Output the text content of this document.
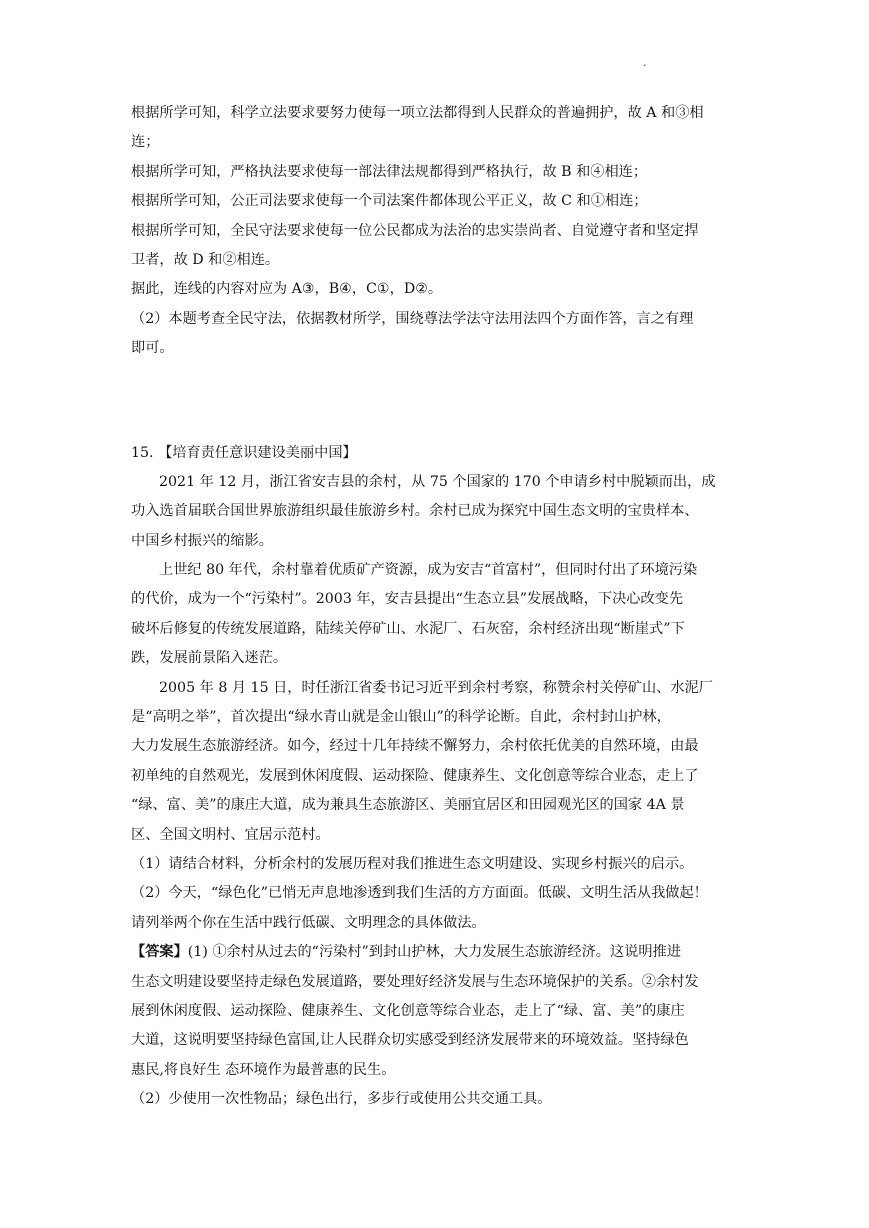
.
根据所学可知，科学立法要求要努力使每一项立法都得到人民群众的普遍拥护，故 A 和③相
连；
根据所学可知，严格执法要求使每一部法律法规都得到严格执行，故 B 和④相连；
根据所学可知，公正司法要求使每一个司法案件都体现公平正义，故 C 和①相连；
根据所学可知，全民守法要求使每一位公民都成为法治的忠实崇尚者、自觉遵守者和坚定捍
卫者，故 D 和②相连。
据此，连线的内容对应为 A③，B④，C①，D②。
（2）本题考查全民守法，依据教材所学，围绕尊法学法守法用法四个方面作答，言之有理
即可。
15. 【培育责任意识建设美丽中国】
2021 年 12 月，浙江省安吉县的余村，从 75 个国家的 170 个申请乡村中脱颖而出，成
功入选首届联合国世界旅游组织最佳旅游乡村。余村已成为探究中国生态文明的宝贵样本、
中国乡村振兴的缩影。
上世纪 80 年代，余村靠着优质矿产资源，成为安吉“首富村”，但同时付出了环境污染
的代价，成为一个“污染村”。2003 年，安吉县提出“生态立县”发展战略，下决心改变先
破坏后修复的传统发展道路，陆续关停矿山、水泥厂、石灰窑，余村经济出现“断崖式”下
跌，发展前景陷入迷茫。
2005 年 8 月 15 日，时任浙江省委书记习近平到余村考察，称赞余村关停矿山、水泥厂
是“高明之举”，首次提出“绿水青山就是金山银山”的科学论断。自此，余村封山护林，
大力发展生态旅游经济。如今，经过十几年持续不懈努力，余村依托优美的自然环境，由最
初单纯的自然观光，发展到休闲度假、运动探险、健康养生、文化创意等综合业态，走上了
“绿、富、美”的康庄大道，成为兼具生态旅游区、美丽宜居区和田园观光区的国家 4A 景
区、全国文明村、宜居示范村。
（1）请结合材料，分析余村的发展历程对我们推进生态文明建设、实现乡村振兴的启示。
（2）今天，“绿色化”已悄无声息地渗透到我们生活的方方面面。低碳、文明生活从我做起！
请列举两个你在生活中践行低碳、文明理念的具体做法。
【答案】(1) ①余村从过去的“污染村”到封山护林，大力发展生态旅游经济。这说明推进
生态文明建设要坚持走绿色发展道路，要处理好经济发展与生态环境保护的关系。②余村发
展到休闲度假、运动探险、健康养生、文化创意等综合业态，走上了“绿、富、美”的康庄
大道，这说明要坚持绿色富国,让人民群众切实感受到经济发展带来的环境效益。坚持绿色
惠民,将良好生 态环境作为最普惠的民生。
（2）少使用一次性物品；绿色出行，多步行或使用公共交通工具。
